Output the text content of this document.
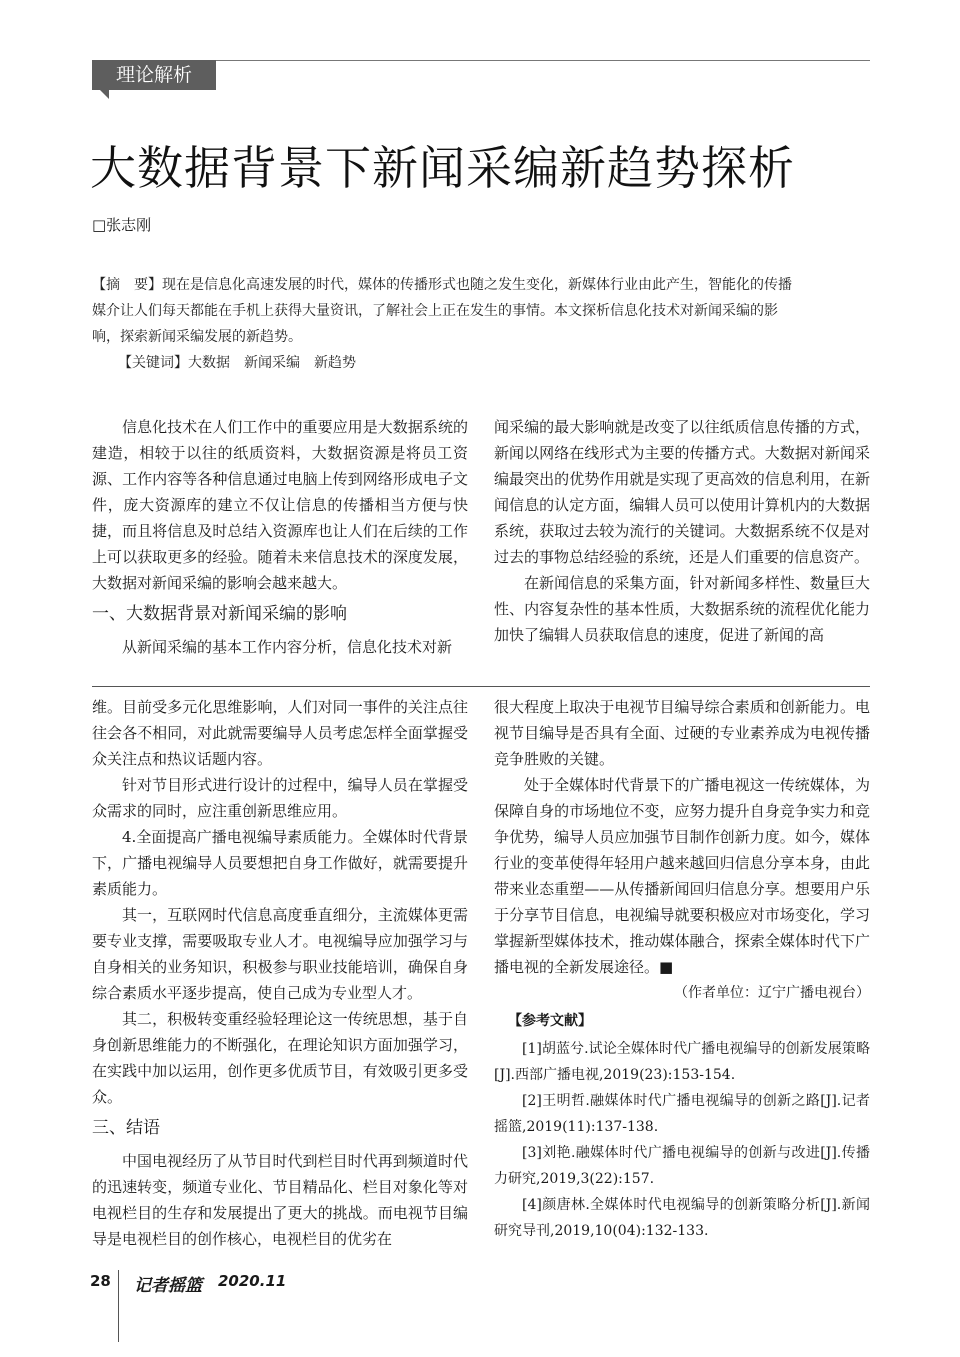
理论解析
大数据背景下新闻采编新趋势探析
□张志刚
【摘　要】现在是信息化高速发展的时代，媒体的传播形式也随之发生变化，新媒体行业由此产生，智能化的传播媒介让人们每天都能在手机上获得大量资讯，了解社会上正在发生的事情。本文探析信息化技术对新闻采编的影响，探索新闻采编发展的新趋势。
【关键词】大数据　新闻采编　新趋势

信息化技术在人们工作中的重要应用是大数据系统的建造，相较于以往的纸质资料，大数据资源是将员工资源、工作内容等各种信息通过电脑上传到网络形成电子文件，庞大资源库的建立不仅让信息的传播相当方便与快捷，而且将信息及时总结入资源库也让人们在后续的工作上可以获取更多的经验。随着未来信息技术的深度发展，大数据对新闻采编的影响会越来越大。

一、大数据背景对新闻采编的影响

从新闻采编的基本工作内容分析，信息化技术对新

闻采编的最大影响就是改变了以往纸质信息传播的方式，新闻以网络在线形式为主要的传播方式。大数据对新闻采编最突出的优势作用就是实现了更高效的信息利用，在新闻信息的认定方面，编辑人员可以使用计算机内的大数据系统，获取过去较为流行的关键词。大数据系统不仅是对过去的事物总结经验的系统，还是人们重要的信息资产。

在新闻信息的采集方面，针对新闻多样性、数量巨大性、内容复杂性的基本性质，大数据系统的流程优化能力加快了编辑人员获取信息的速度，促进了新闻的高

维。目前受多元化思维影响，人们对同一事件的关注点往往会各不相同，对此就需要编导人员考虑怎样全面掌握受众关注点和热议话题内容。

针对节目形式进行设计的过程中，编导人员在掌握受众需求的同时，应注重创新思维应用。

4.全面提高广播电视编导素质能力。全媒体时代背景下，广播电视编导人员要想把自身工作做好，就需要提升素质能力。

其一，互联网时代信息高度垂直细分，主流媒体更需要专业支撑，需要吸取专业人才。电视编导应加强学习与自身相关的业务知识，积极参与职业技能培训，确保自身综合素质水平逐步提高，使自己成为专业型人才。

其二，积极转变重经验轻理论这一传统思想，基于自身创新思维能力的不断强化，在理论知识方面加强学习，在实践中加以运用，创作更多优质节目，有效吸引更多受众。

三、结语

中国电视经历了从节目时代到栏目时代再到频道时代的迅速转变，频道专业化、节目精品化、栏目对象化等对电视栏目的生存和发展提出了更大的挑战。而电视节目编导是电视栏目的创作核心，电视栏目的优劣在

很大程度上取决于电视节目编导综合素质和创新能力。电视节目编导是否具有全面、过硬的专业素养成为电视传播竞争胜败的关键。

处于全媒体时代背景下的广播电视这一传统媒体，为保障自身的市场地位不变，应努力提升自身竞争实力和竞争优势，编导人员应加强节目制作创新力度。如今，媒体行业的变革使得年轻用户越来越回归信息分享本身，由此带来业态重塑——从传播新闻回归信息分享。想要用户乐于分享节目信息，电视编导就要积极应对市场变化，学习掌握新型媒体技术，推动媒体融合，探索全媒体时代下广播电视的全新发展途径。■

（作者单位：辽宁广播电视台）
【参考文献】

[1]胡蓝兮.试论全媒体时代广播电视编导的创新发展策略[J].西部广播电视,2019(23):153-154.

[2]王明哲.融媒体时代广播电视编导的创新之路[J].记者摇篮,2019(11):137-138.

[3]刘艳.融媒体时代广播电视编导的创新与改进[J].传播力研究,2019,3(22):157.

[4]颜唐林.全媒体时代电视编导的创新策略分析[J].新闻研究导刊,2019,10(04):132-133.

28 记者摇篮 2020.11
